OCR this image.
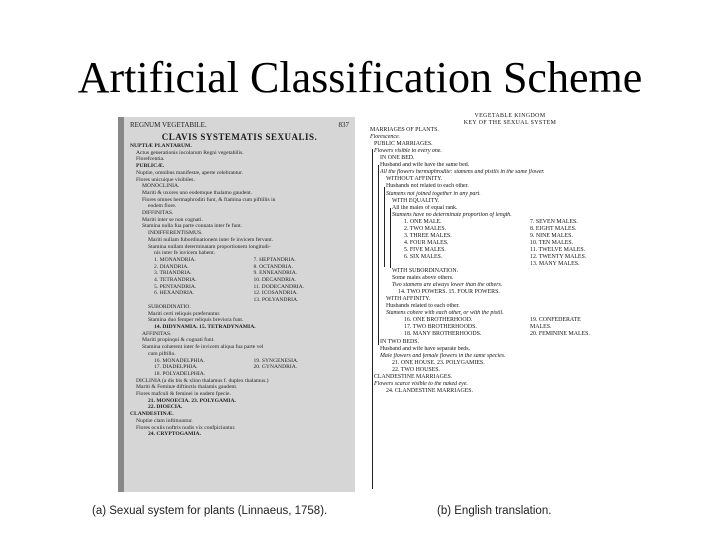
Artificial Classification Scheme
REGNUM VEGETABILE.	837
CLAVIS SYSTEMATIS SEXUALIS.
NUPTIÆ PLANTARUM.
Actus generationis incolarum Regni vegetabilis.
Florefcentia.
PUBLICÆ.
Nuptiæ, omnibus manifestæ, aperte celebrantur.
Flores unicuique visibiles.
MONOCLINIA.
Mariti & uxores uno eodemque thalamo gaudent.
Flores omnes hermaphroditi funt, & ftamina cum piftillis in
eodem flore.
DIFFINITAS.
Mariti inter se non cognati.
Stamina nulla fua parte connata inter fe funt.
INDIFFERENTISMUS.
Mariti nullam fubordinationem inter fe invicem fervant.
Stamina nullam determinatam proportionem longitudi-
nis inter fe invicem habent.
1. MONANDRIA.	7. HEPTANDRIA.
2. DIANDRIA.	8. OCTANDRIA.
3. TRIANDRIA.	9. ENNEANDRIA.
4. TETRANDRIA.	10. DECANDRIA.
5. PENTANDRIA.	11. DODECANDRIA.
6. HEXANDRIA.	12. ICOSANDRIA.
13. POLYANDRIA.
SUBORDINATIO.
Mariti certi reliquis præferuntur.
Stamina duo femper reliquis breviora funt.
14. DIDYNAMIA. 15. TETRADYNAMIA.
AFFINITAS.
Mariti propinqui & cognati funt.
Stamina cohærent inter fe invicem aliqua fua parte vel
cum piftillo.
16. MONADELPHIA.	19. SYNGENESIA.
17. DIADELPHIA.	20. GYNANDRIA.
18. POLYADELPHIA.
DICLINIA (a dis bis & xlinn thalamus f. duplex thalamus.)
Mariti & Feminæ diftinctis thalamis gaudent.
Flores mafculi & feminei in eadem fpecie.
21. MONOECIA. 23. POLYGAMIA.
22. DIOECIA.
CLANDESTINÆ.
Nuptiæ clam inftituuntur.
Flores oculis noftris nudis vix confpiciuntur.
24. CRYPTOGAMIA.
VEGETABLE KINGDOM
KEY OF THE SEXUAL SYSTEM
MARRIAGES OF PLANTS.
Florescence.
PUBLIC MARRIAGES.
Flowers visible to every one.
IN ONE BED.
Husband and wife have the same bed.
All the flowers hermaphrodite: stamens and pistils in the same flower.
WITHOUT AFFINITY.
Husbands not related to each other.
Stamens not joined together in any part.
WITH EQUALITY.
All the males of equal rank.
Stamens have no determinate proportion of length.
1. ONE MALE.	7. SEVEN MALES.
2. TWO MALES.	8. EIGHT MALES.
3. THREE MALES.	9. NINE MALES.
4. FOUR MALES.	10. TEN MALES.
5. FIVE MALES.	11. TWELVE MALES.
6. SIX MALES.	12. TWENTY MALES.
13. MANY MALES.
WITH SUBORDINATION.
Some males above others.
Two stamens are always lower than the others.
14. TWO POWERS. 15. FOUR POWERS.
WITH AFFINITY.
Husbands related to each other.
Stamens cohere with each other, or with the pistil.
16. ONE BROTHERHOOD.	19. CONFEDERATE
17. TWO BROTHERHOODS.	MALES.
18. MANY BROTHERHOODS.	20. FEMININE MALES.
IN TWO BEDS.
Husband and wife have separate beds.
Male flowers and female flowers in the same species.
21. ONE HOUSE. 23. POLYGAMIES.
22. TWO HOUSES.
CLANDESTINE MARRIAGES.
Flowers scarce visible to the naked eye.
24. CLANDESTINE MARRIAGES.
(a) Sexual system for plants (Linnaeus, 1758).	(b) English translation.
